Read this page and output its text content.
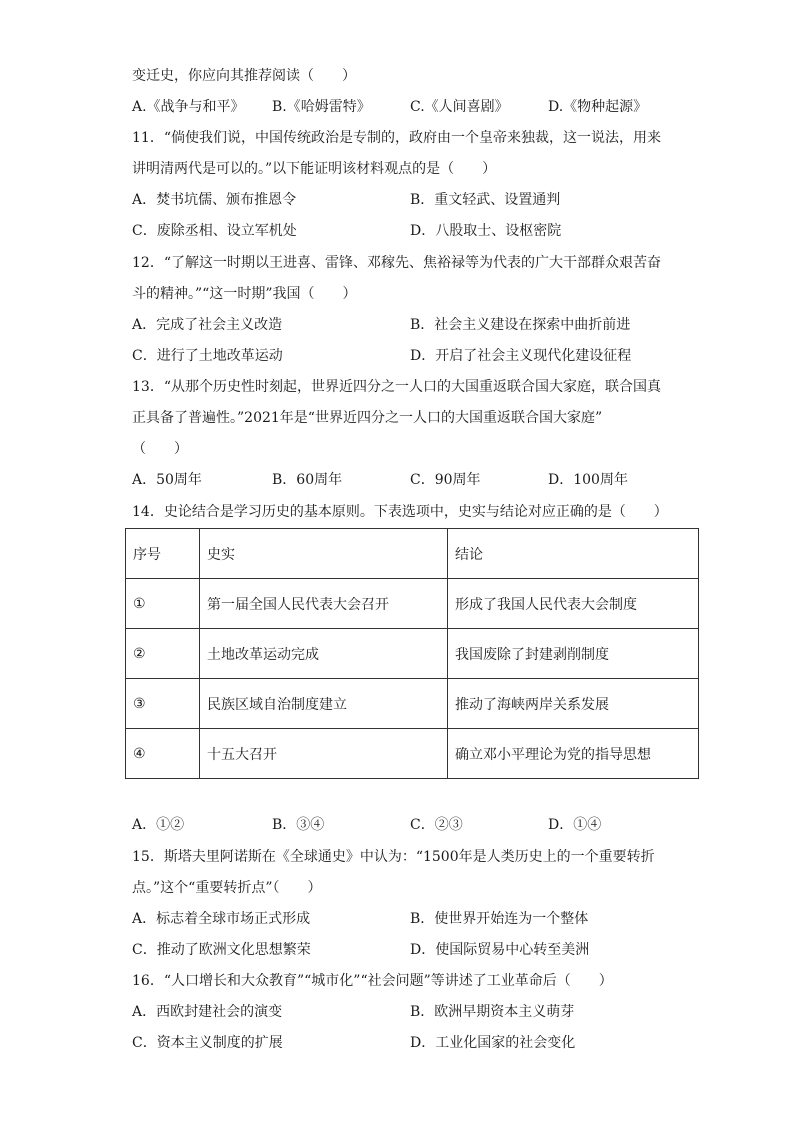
变迁史，你应向其推荐阅读（　　）
A.《战争与和平》 B.《哈姆雷特》	C.《人间喜剧》	D.《物种起源》
11．“倘使我们说，中国传统政治是专制的，政府由一个皇帝来独裁，这一说法，用来
讲明清两代是可以的。”以下能证明该材料观点的是（　　）
A．焚书坑儒、颁布推恩令	B．重文轻武、设置通判
C．废除丞相、设立军机处	D．八股取士、设枢密院
12．“了解这一时期以王进喜、雷锋、邓稼先、焦裕禄等为代表的广大干部群众艰苦奋
斗的精神。”“这一时期”我国（　　）
A．完成了社会主义改造	B．社会主义建设在探索中曲折前进
C．进行了土地改革运动	D．开启了社会主义现代化建设征程
13．“从那个历史性时刻起，世界近四分之一人口的大国重返联合国大家庭，联合国真
正具备了普遍性。”2021年是“世界近四分之一人口的大国重返联合国大家庭”
（　　）
A．50周年	B．60周年	C．90周年	D．100周年
14．史论结合是学习历史的基本原则。下表选项中，史实与结论对应正确的是（　　）
序号	史实	结论
①	第一届全国人民代表大会召开	形成了我国人民代表大会制度
②	土地改革运动完成	我国废除了封建剥削制度
③	民族区域自治制度建立	推动了海峡两岸关系发展
④	十五大召开	确立邓小平理论为党的指导思想
A．①②	B．③④	C．②③	D．①④
15．斯塔夫里阿诺斯在《全球通史》中认为：“1500年是人类历史上的一个重要转折
点。”这个“重要转折点”（　　）
A．标志着全球市场正式形成	B．使世界开始连为一个整体
C．推动了欧洲文化思想繁荣	D．使国际贸易中心转至美洲
16．“人口增长和大众教育”“城市化”“社会问题”等讲述了工业革命后（　　）
A．西欧封建社会的演变	B．欧洲早期资本主义萌芽
C．资本主义制度的扩展	D．工业化国家的社会变化
